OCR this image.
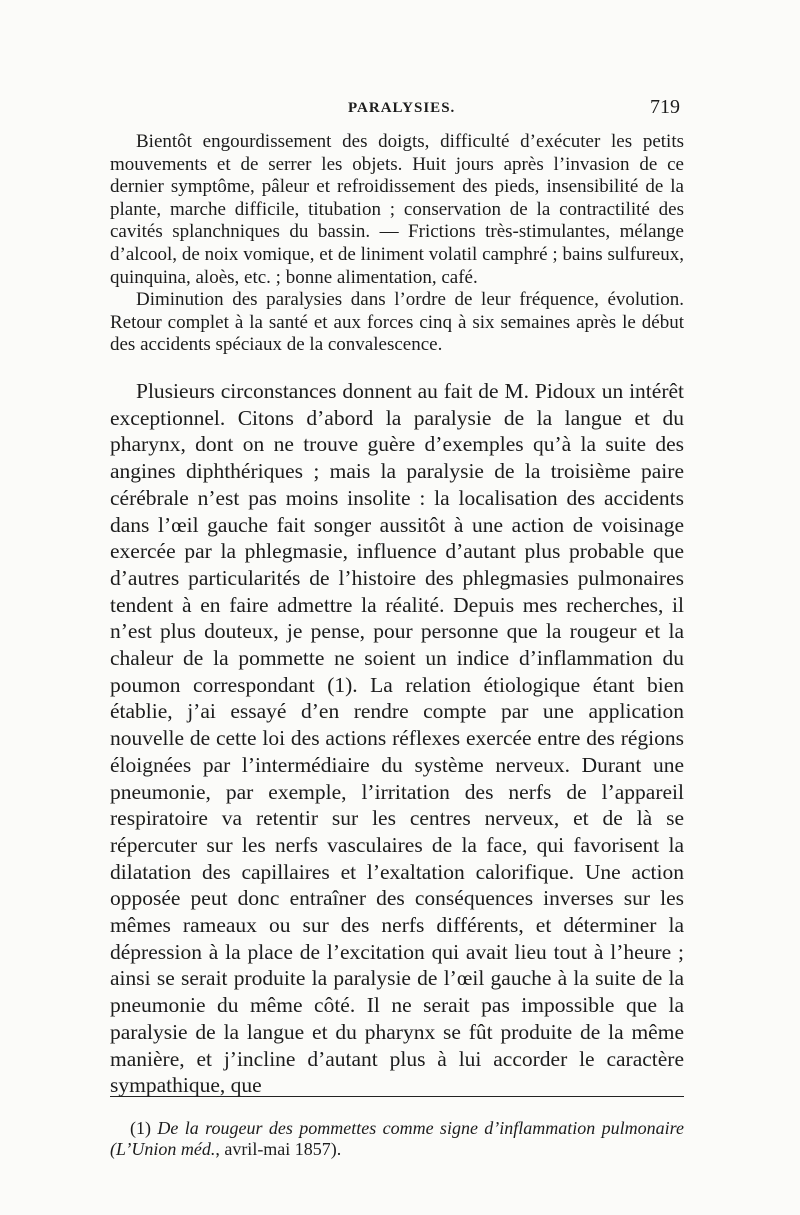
PARALYSIES.	719

Bientôt engourdissement des doigts, difficulté d’exécuter les petits mouvements et de serrer les objets. Huit jours après l’invasion de ce dernier symptôme, pâleur et refroidissement des pieds, insensibilité de la plante, marche difficile, titubation ; conservation de la contractilité des cavités splanchniques du bassin. — Frictions très-stimulantes, mélange d’alcool, de noix vomique, et de liniment volatil camphré ; bains sulfureux, quinquina, aloès, etc. ; bonne alimentation, café.

Diminution des paralysies dans l’ordre de leur fréquence, évolution. Retour complet à la santé et aux forces cinq à six semaines après le début des accidents spéciaux de la convalescence.

Plusieurs circonstances donnent au fait de M. Pidoux un intérêt exceptionnel. Citons d’abord la paralysie de la langue et du pharynx, dont on ne trouve guère d’exemples qu’à la suite des angines diphthériques ; mais la paralysie de la troisième paire cérébrale n’est pas moins insolite : la localisation des accidents dans l’œil gauche fait songer aussitôt à une action de voisinage exercée par la phlegmasie, influence d’autant plus probable que d’autres particularités de l’histoire des phlegmasies pulmonaires tendent à en faire admettre la réalité. Depuis mes recherches, il n’est plus douteux, je pense, pour personne que la rougeur et la chaleur de la pommette ne soient un indice d’inflammation du poumon correspondant (1). La relation étiologique étant bien établie, j’ai essayé d’en rendre compte par une application nouvelle de cette loi des actions réflexes exercée entre des régions éloignées par l’intermédiaire du système nerveux. Durant une pneumonie, par exemple, l’irritation des nerfs de l’appareil respiratoire va retentir sur les centres nerveux, et de là se répercuter sur les nerfs vasculaires de la face, qui favorisent la dilatation des capillaires et l’exaltation calorifique. Une action opposée peut donc entraîner des conséquences inverses sur les mêmes rameaux ou sur des nerfs différents, et déterminer la dépression à la place de l’excitation qui avait lieu tout à l’heure ; ainsi se serait produite la paralysie de l’œil gauche à la suite de la pneumonie du même côté. Il ne serait pas impossible que la paralysie de la langue et du pharynx se fût produite de la même manière, et j’incline d’autant plus à lui accorder le caractère sympathique, que

(1) De la rougeur des pommettes comme signe d’inflammation pulmonaire (L’Union méd., avril-mai 1857).
